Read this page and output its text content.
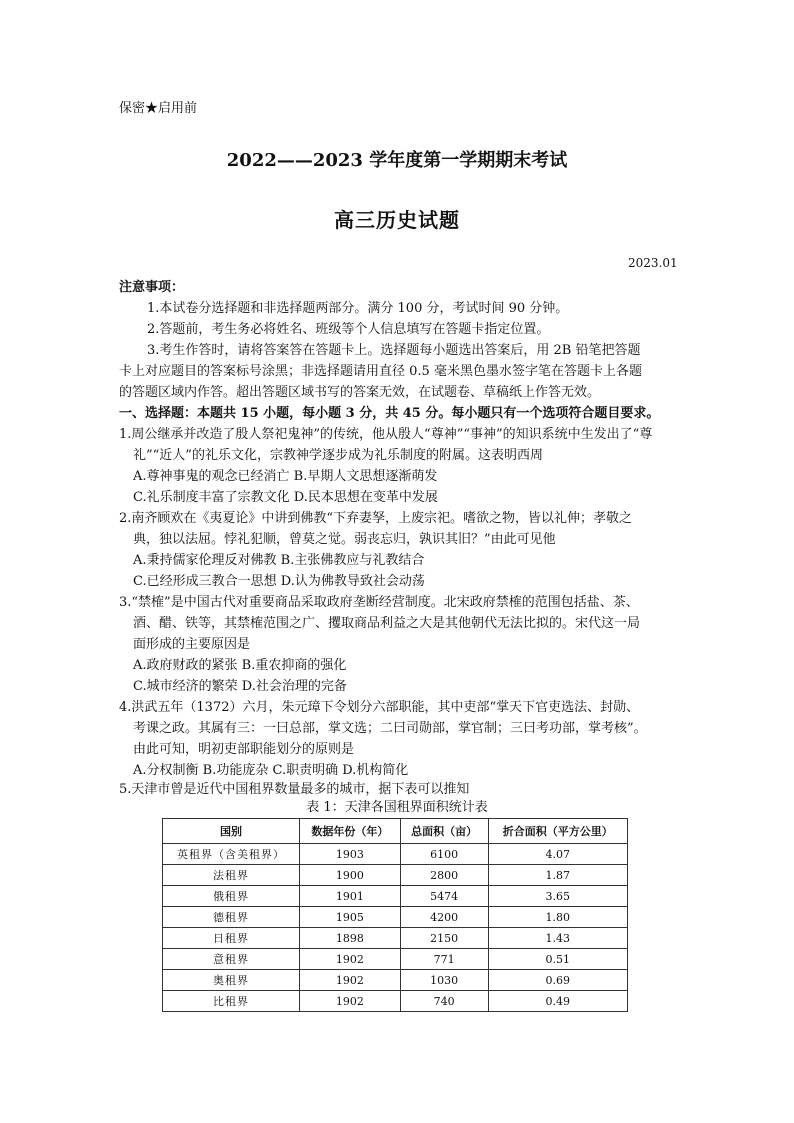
保密★启用前
2022——2023 学年度第一学期期末考试
高三历史试题
2023.01
注意事项：
1.本试卷分选择题和非选择题两部分。满分 100 分，考试时间 90 分钟。
2.答题前，考生务必将姓名、班级等个人信息填写在答题卡指定位置。
3.考生作答时，请将答案答在答题卡上。选择题每小题选出答案后，用 2B 铅笔把答题
卡上对应题目的答案标号涂黑；非选择题请用直径 0.5 毫米黑色墨水签字笔在答题卡上各题
的答题区域内作答。超出答题区域书写的答案无效，在试题卷、草稿纸上作答无效。
一、选择题：本题共 15 小题，每小题 3 分，共 45 分。每小题只有一个选项符合题目要求。
1.周公继承并改造了殷人祭祀鬼神”的传统，他从殷人“尊神”“事神”的知识系统中生发出了“尊
礼”“近人”的礼乐文化，宗教神学逐步成为礼乐制度的附属。这表明西周
A.尊神事鬼的观念已经消亡 B.早期人文思想逐渐萌发
C.礼乐制度丰富了宗教文化 D.民本思想在变革中发展
2.南齐顾欢在《夷夏论》中讲到佛教“下弃妻孥，上废宗祀。嗜欲之物，皆以礼伸；孝敬之
典，独以法屈。悖礼犯顺，曾莫之觉。弱丧忘归，孰识其旧？”由此可见他
A.秉持儒家伦理反对佛教 B.主张佛教应与礼教结合
C.已经形成三教合一思想 D.认为佛教导致社会动荡
3.“禁榷”是中国古代对重要商品采取政府垄断经营制度。北宋政府禁榷的范围包括盐、茶、
酒、醋、铁等，其禁榷范围之广、攫取商品利益之大是其他朝代无法比拟的。宋代这一局
面形成的主要原因是
A.政府财政的紧张 B.重农抑商的强化
C.城市经济的繁荣 D.社会治理的完备
4.洪武五年（1372）六月，朱元璋下令划分六部职能，其中吏部“掌天下官吏选法、封勋、
考课之政。其属有三：一曰总部，掌文选；二曰司勋部，掌官制；三曰考功部，掌考核”。
由此可知，明初吏部职能划分的原则是
A.分权制衡 B.功能庞杂 C.职责明确 D.机构简化
5.天津市曾是近代中国租界数量最多的城市，据下表可以推知
表 1：天津各国租界面积统计表
国别	数据年份（年）	总面积（亩）	折合面积（平方公里）
英租界（含美租界）	1903	6100	4.07
法租界	1900	2800	1.87
俄租界	1901	5474	3.65
德租界	1905	4200	1.80
日租界	1898	2150	1.43
意租界	1902	771	0.51
奥租界	1902	1030	0.69
比租界	1902	740	0.49
